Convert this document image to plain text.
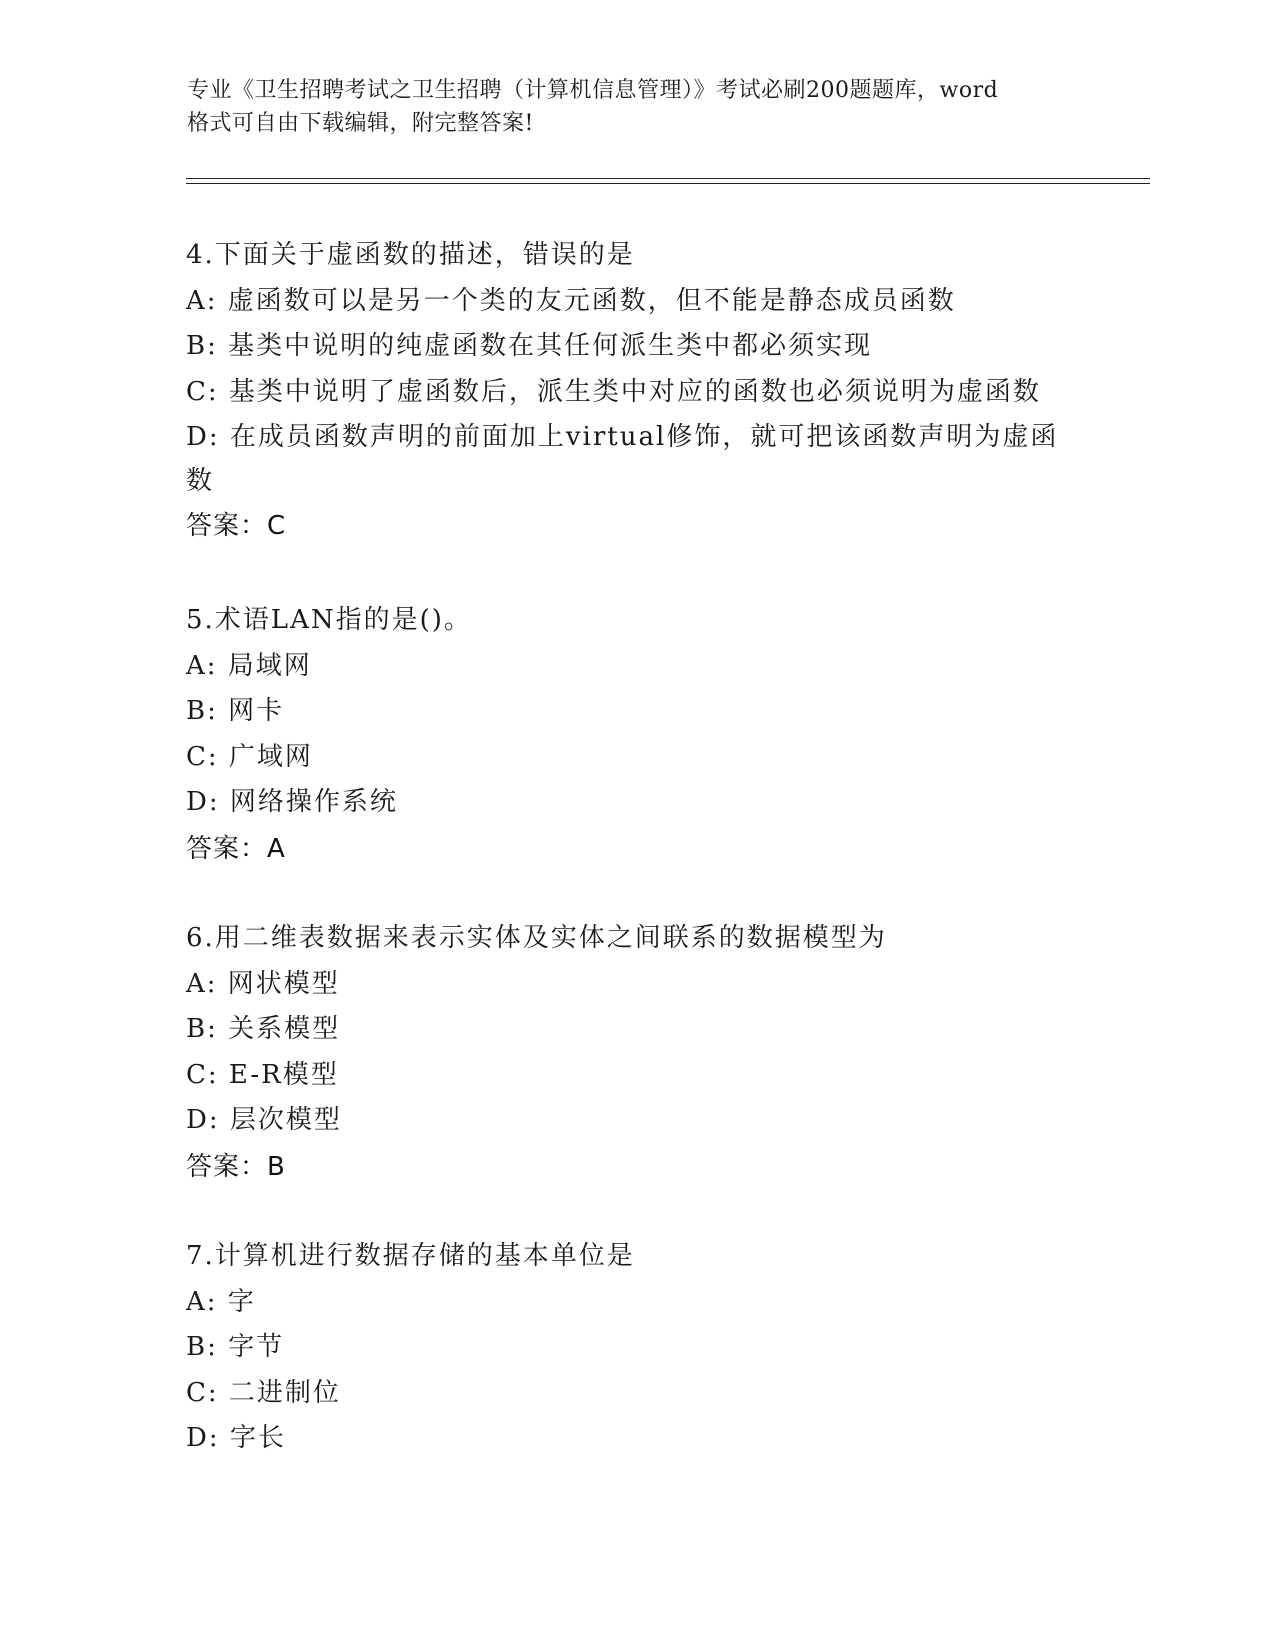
专业《卫生招聘考试之卫生招聘（计算机信息管理）》考试必刷200题题库，word
格式可自由下载编辑，附完整答案!
4.下面关于虚函数的描述，错误的是
A: 虚函数可以是另一个类的友元函数，但不能是静态成员函数
B: 基类中说明的纯虚函数在其任何派生类中都必须实现
C: 基类中说明了虚函数后，派生类中对应的函数也必须说明为虚函数
D: 在成员函数声明的前面加上virtual修饰，就可把该函数声明为虚函数
答案：C
5.术语LAN指的是()。
A: 局域网
B: 网卡
C: 广域网
D: 网络操作系统
答案：A
6.用二维表数据来表示实体及实体之间联系的数据模型为
A: 网状模型
B: 关系模型
C: E-R模型
D: 层次模型
答案：B
7.计算机进行数据存储的基本单位是
A: 字
B: 字节
C: 二进制位
D: 字长
